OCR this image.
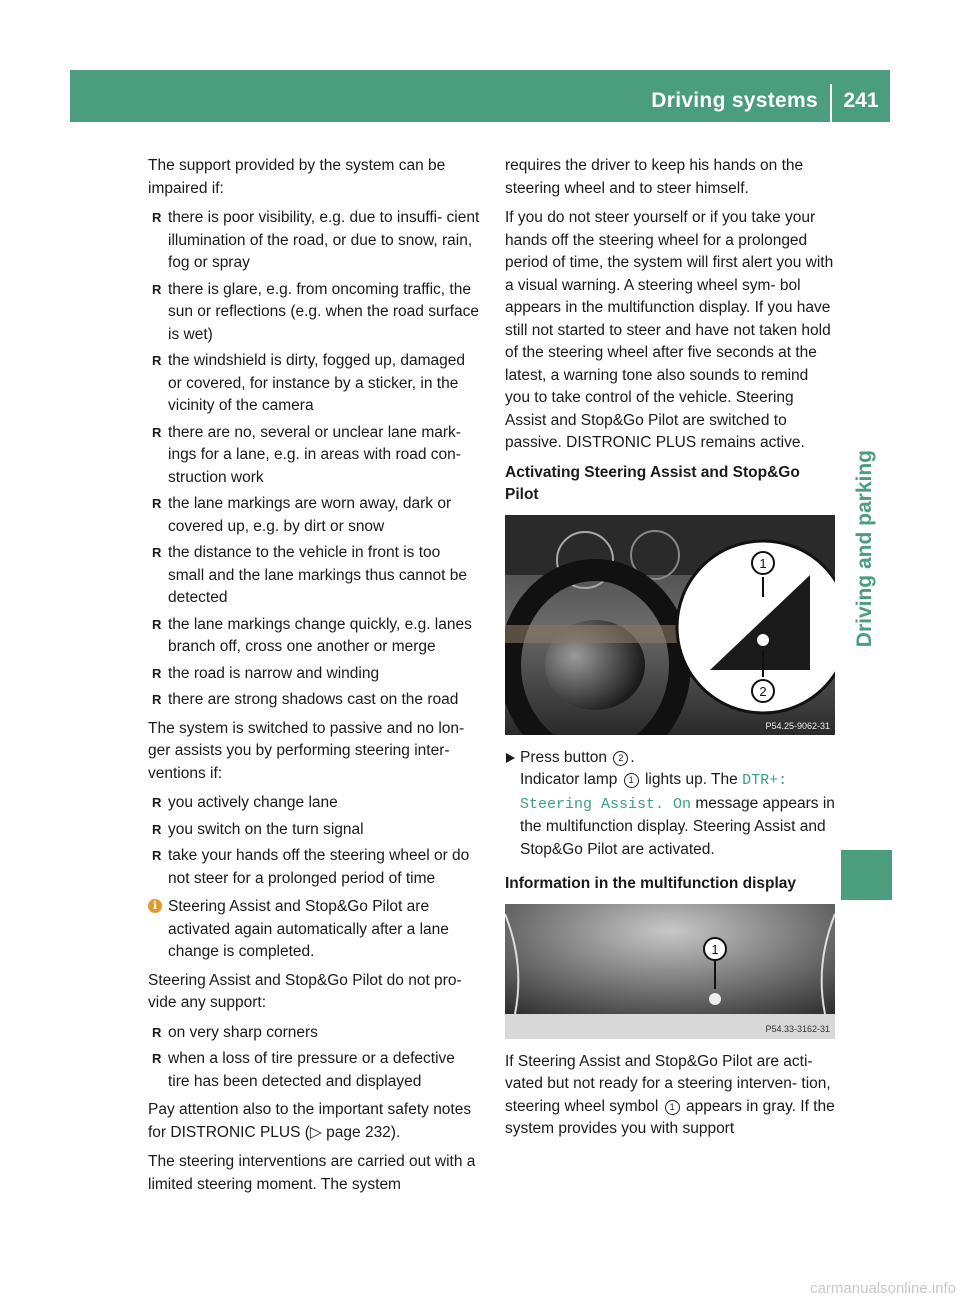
Driving systems	241
Driving and parking

The support provided by the system can be impaired if:

R there is poor visibility, e.g. due to insuffi- cient illumination of the road, or due to snow, rain, fog or spray
R there is glare, e.g. from oncoming traffic, the sun or reflections (e.g. when the road surface is wet)
R the windshield is dirty, fogged up, damaged or covered, for instance by a sticker, in the vicinity of the camera
R there are no, several or unclear lane mark- ings for a lane, e.g. in areas with road con- struction work
R the lane markings are worn away, dark or covered up, e.g. by dirt or snow
R the distance to the vehicle in front is too small and the lane markings thus cannot be detected
R the lane markings change quickly, e.g. lanes branch off, cross one another or merge
R the road is narrow and winding
R there are strong shadows cast on the road

The system is switched to passive and no lon- ger assists you by performing steering inter- ventions if:

R you actively change lane
R you switch on the turn signal
R take your hands off the steering wheel or do not steer for a prolonged period of time
i Steering Assist and Stop&Go Pilot are activated again automatically after a lane change is completed.

Steering Assist and Stop&Go Pilot do not pro- vide any support:

R on very sharp corners
R when a loss of tire pressure or a defective tire has been detected and displayed

Pay attention also to the important safety notes for DISTRONIC PLUS (▷ page 232).

The steering interventions are carried out with a limited steering moment. The system

requires the driver to keep his hands on the steering wheel and to steer himself.

If you do not steer yourself or if you take your hands off the steering wheel for a prolonged period of time, the system will first alert you with a visual warning. A steering wheel sym- bol appears in the multifunction display. If you have still not started to steer and have not taken hold of the steering wheel after five seconds at the latest, a warning tone also sounds to remind you to take control of the vehicle. Steering Assist and Stop&Go Pilot are switched to passive. DISTRONIC PLUS remains active.

Activating Steering Assist and Stop&Go Pilot
1
2
P54.25-9062-31
Press button 2 .
Indicator lamp 1 lights up. The DTR+:
Steering Assist. On message appears in the multifunction display. Steering Assist and Stop&Go Pilot are activated.
Information in the multifunction display
1
P54.33-3162-31

If Steering Assist and Stop&Go Pilot are acti- vated but not ready for a steering interven- tion, steering wheel symbol 1 appears in gray. If the system provides you with support

carmanualsonline.info
